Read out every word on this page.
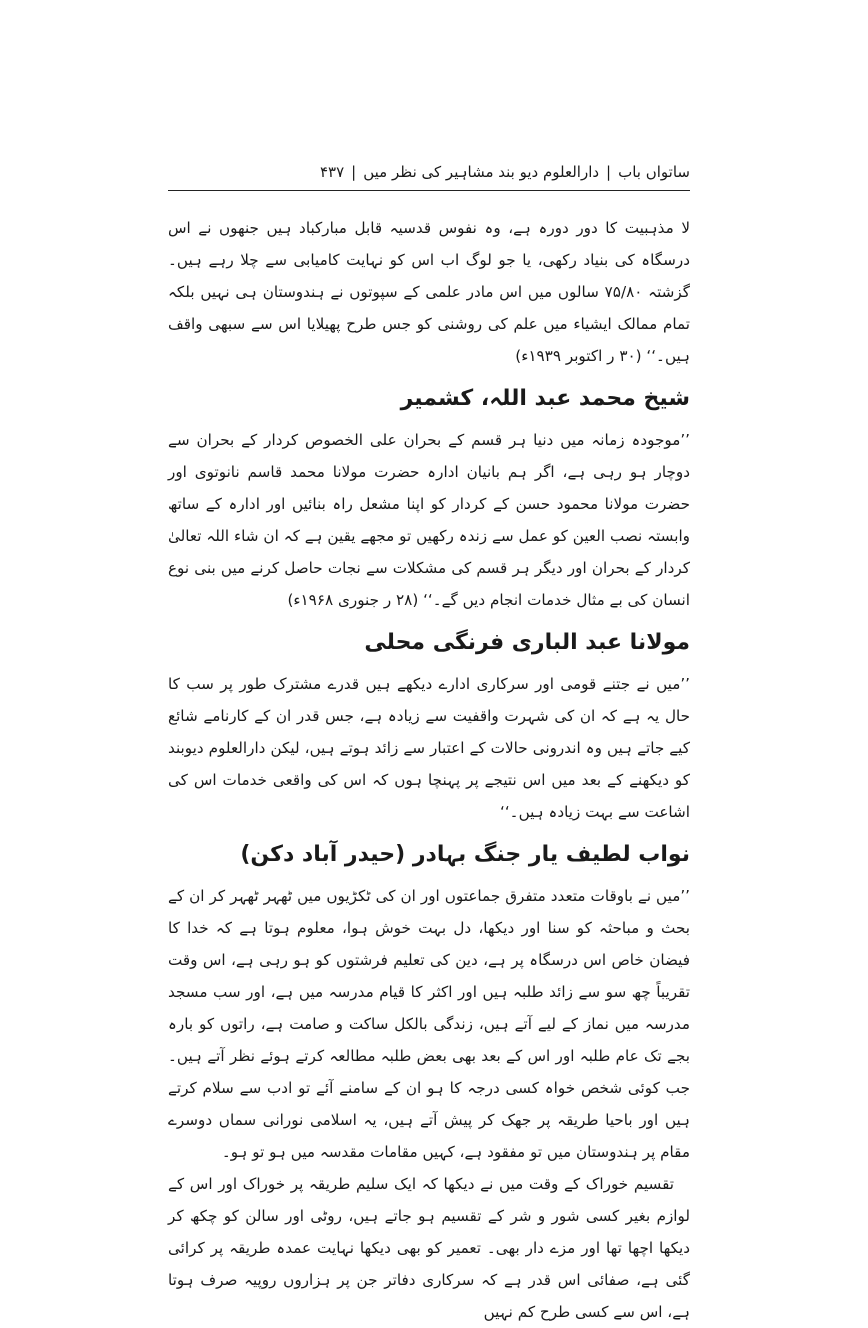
ساتواں باب
|
دارالعلوم دیو بند مشاہیر کی نظر میں
|
۴۳۷

لا مذہبیت کا دور دورہ ہے، وہ نفوس قدسیہ قابل مبارکباد ہیں جنھوں نے اس درسگاہ کی بنیاد رکھی، یا جو لوگ اب اس کو نہایت کامیابی سے چلا رہے ہیں۔ گزشتہ ۷۵/۸۰ سالوں میں اس مادر علمی کے سپوتوں نے ہندوستان ہی نہیں بلکہ تمام ممالک ایشیاء میں علم کی روشنی کو جس طرح پھیلایا اس سے سبھی واقف ہیں۔‘‘ (۳۰ ر اکتوبر ۱۹۳۹ء)

شیخ محمد عبد اللہ، کشمیر

’’موجودہ زمانہ میں دنیا ہر قسم کے بحران علی الخصوص کردار کے بحران سے دوچار ہو رہی ہے، اگر ہم بانیان ادارہ حضرت مولانا محمد قاسم نانوتوی اور حضرت مولانا محمود حسن کے کردار کو اپنا مشعل راہ بنائیں اور ادارہ کے ساتھ وابستہ نصب العین کو عمل سے زندہ رکھیں تو مجھے یقین ہے کہ ان شاء اللہ تعالیٰ کردار کے بحران اور دیگر ہر قسم کی مشکلات سے نجات حاصل کرنے میں بنی نوع انسان کی بے مثال خدمات انجام دیں گے۔‘‘ (۲۸ ر جنوری ۱۹۶۸ء)

مولانا عبد الباری فرنگی محلی

’’میں نے جتنے قومی اور سرکاری ادارے دیکھے ہیں قدرے مشترک طور پر سب کا حال یہ ہے کہ ان کی شہرت واقفیت سے زیادہ ہے، جس قدر ان کے کارنامے شائع کیے جاتے ہیں وہ اندرونی حالات کے اعتبار سے زائد ہوتے ہیں، لیکن دارالعلوم دیوبند کو دیکھنے کے بعد میں اس نتیجے پر پہنچا ہوں کہ اس کی واقعی خدمات اس کی اشاعت سے بہت زیادہ ہیں۔‘‘

نواب لطیف یار جنگ بہادر (حیدر آباد دکن)

’’میں نے باوقات متعدد متفرق جماعتوں اور ان کی ٹکڑیوں میں ٹھہر ٹھہر کر ان کے بحث و مباحثہ کو سنا اور دیکھا، دل بہت خوش ہوا، معلوم ہوتا ہے کہ خدا کا فیضان خاص اس درسگاہ پر ہے، دین کی تعلیم فرشتوں کو ہو رہی ہے، اس وقت تقریباً چھ سو سے زائد طلبہ ہیں اور اکثر کا قیام مدرسہ میں ہے، اور سب مسجد مدرسہ میں نماز کے لیے آتے ہیں، زندگی بالکل ساکت و صامت ہے، راتوں کو بارہ بجے تک عام طلبہ اور اس کے بعد بھی بعض طلبہ مطالعہ کرتے ہوئے نظر آتے ہیں۔ جب کوئی شخص خواہ کسی درجہ کا ہو ان کے سامنے آئے تو ادب سے سلام کرتے ہیں اور باحیا طریقہ پر جھک کر پیش آتے ہیں، یہ اسلامی نورانی سماں دوسرے مقام پر ہندوستان میں تو مفقود ہے، کہیں مقامات مقدسہ میں ہو تو ہو۔

تقسیم خوراک کے وقت میں نے دیکھا کہ ایک سلیم طریقہ پر خوراک اور اس کے لوازم بغیر کسی شور و شر کے تقسیم ہو جاتے ہیں، روٹی اور سالن کو چکھ کر دیکھا اچھا تھا اور مزے دار بھی۔ تعمیر کو بھی دیکھا نہایت عمدہ طریقہ پر کرائی گئی ہے، صفائی اس قدر ہے کہ سرکاری دفاتر جن پر ہزاروں روپیہ صرف ہوتا ہے، اس سے کسی طرح کم نہیں
